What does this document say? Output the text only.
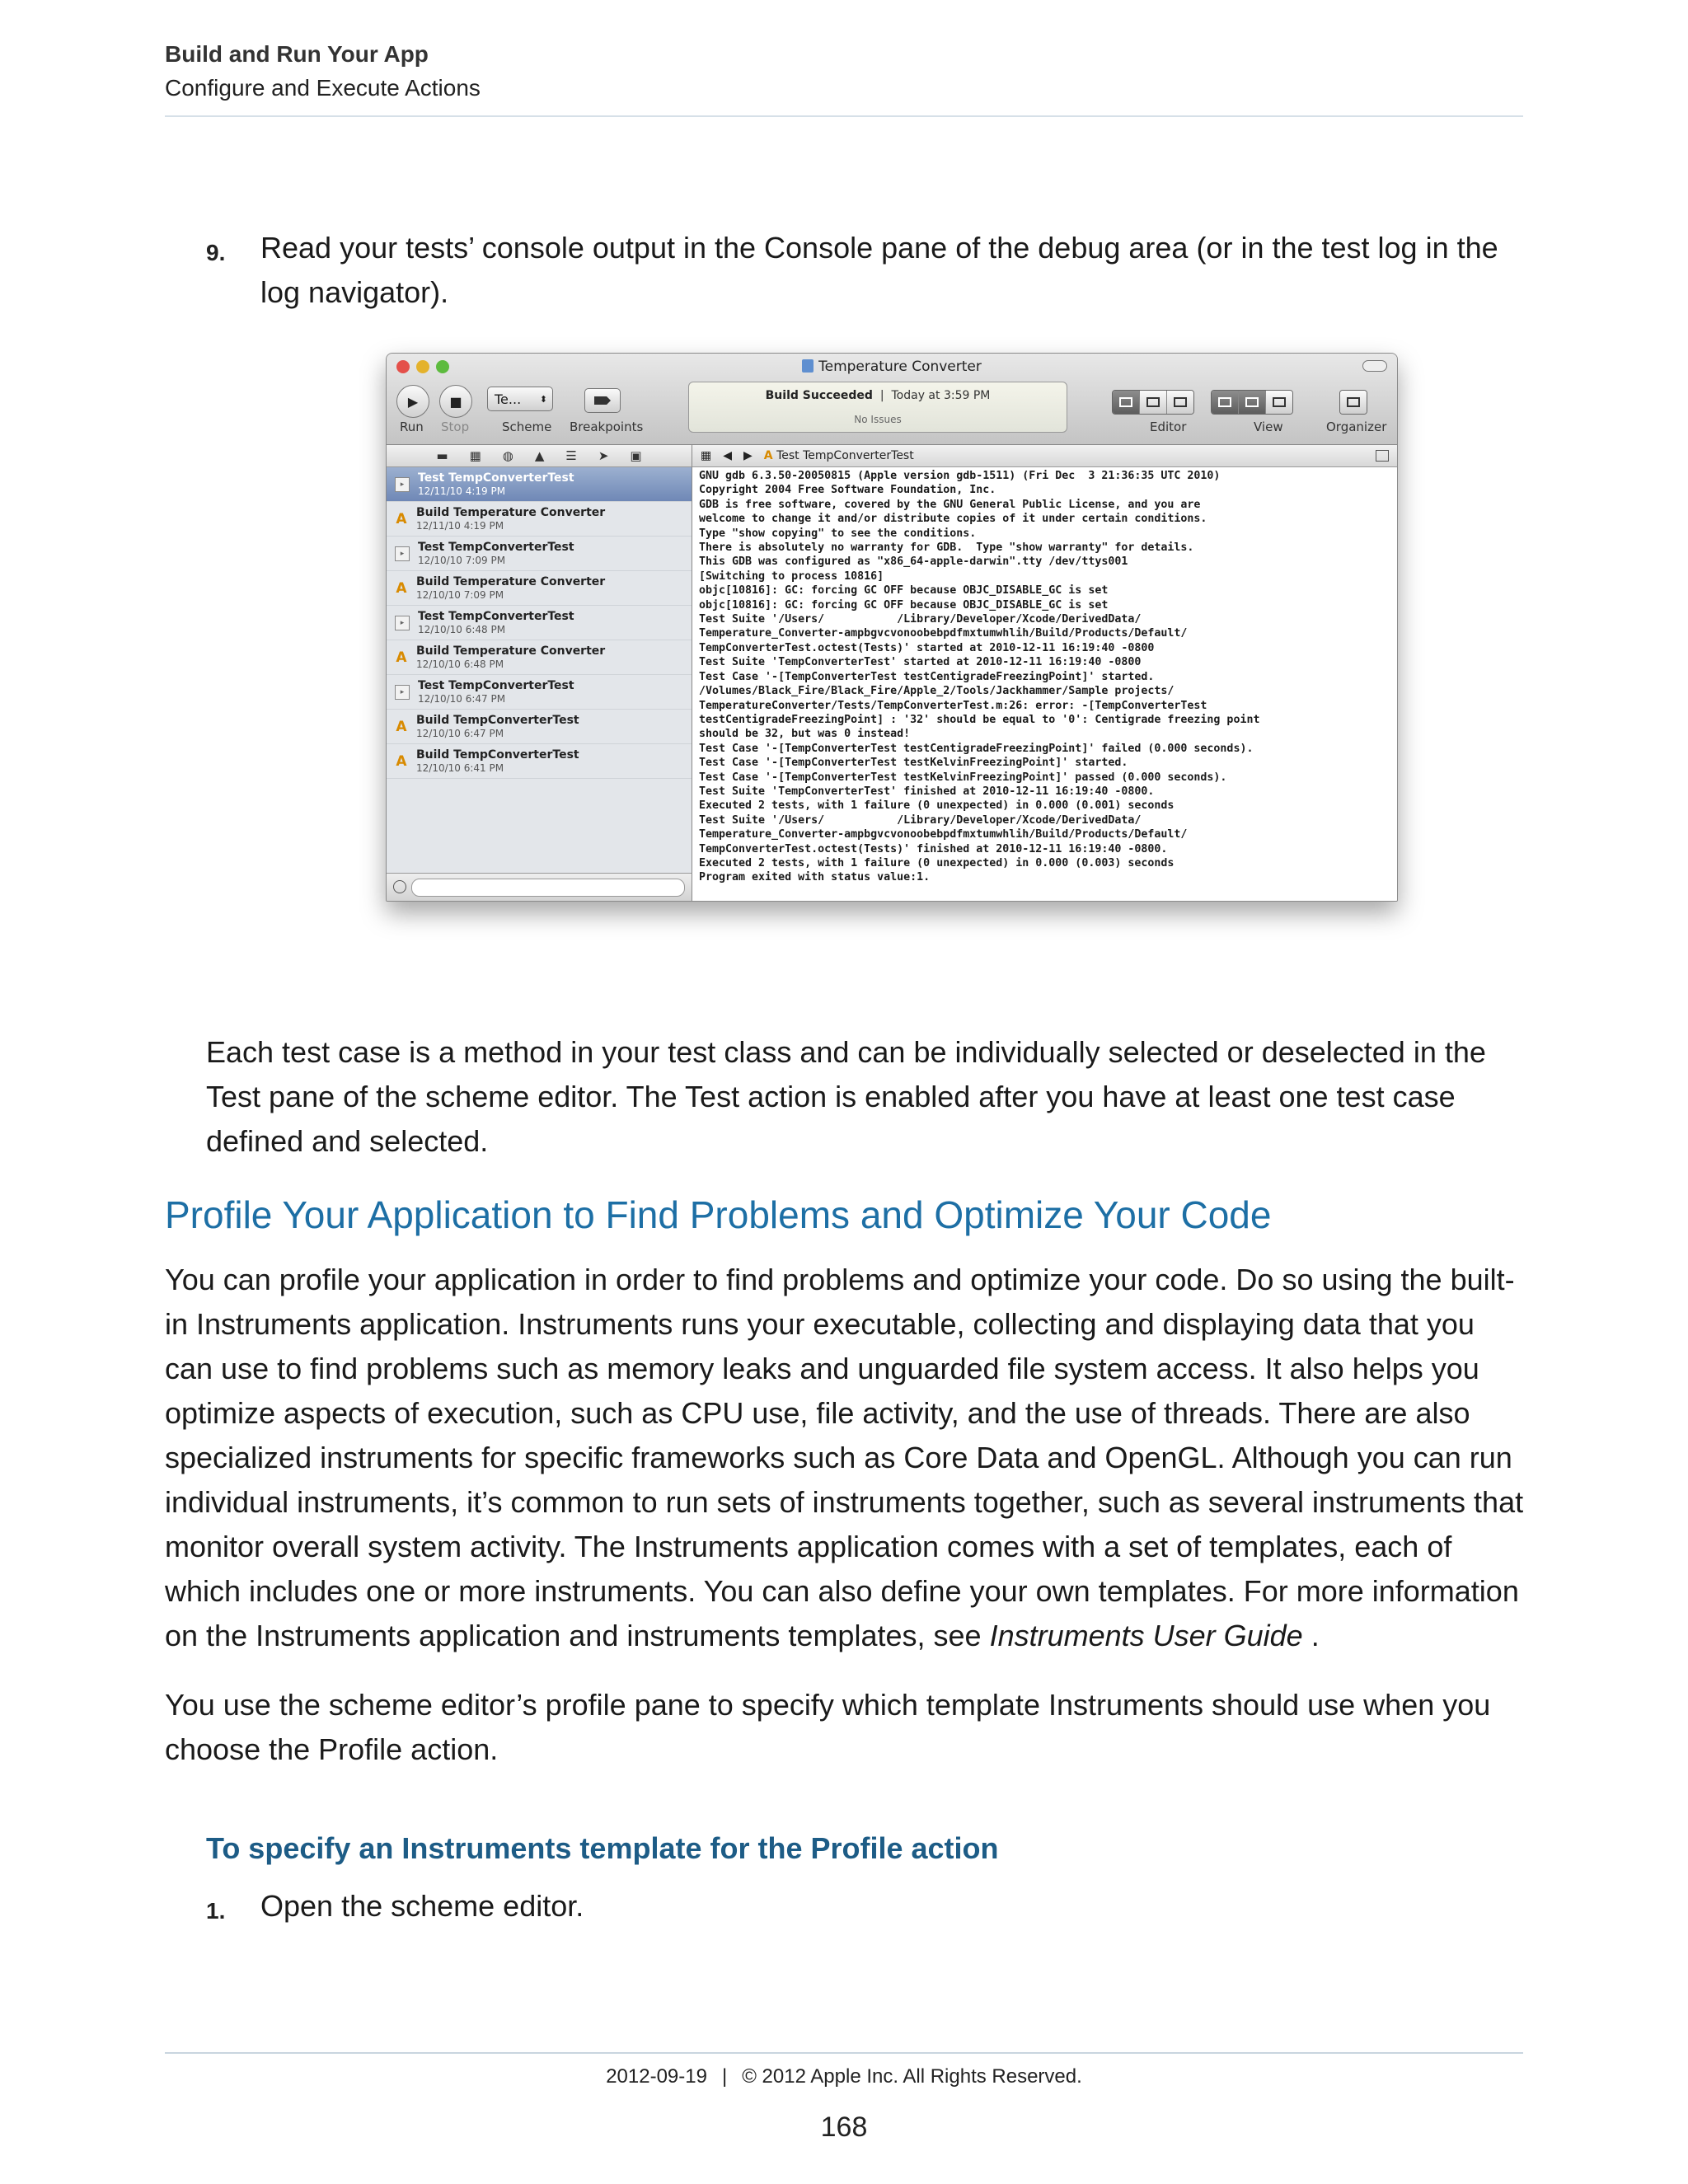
Build and Run Your App
Configure and Execute Actions
9.	Read your tests’ console output in the Console pane of the debug area (or in the test log in the log navigator).
Temperature Converter
▶ ■
Run Stop
Te... ⬍
Scheme Breakpoints
Build Succeeded  |  Today at 3:59 PM
No Issues	Editor	View	Organizer
▬ ▦ ◍ ▲ ☰ ➤ ▣
▸	Test TempConverterTest
12/11/10 4:19 PM
A Build Temperature Converter
12/11/10 4:19 PM
▸	Test TempConverterTest
12/10/10 7:09 PM
A Build Temperature Converter
12/10/10 7:09 PM
▸	Test TempConverterTest
12/10/10 6:48 PM
A Build Temperature Converter
12/10/10 6:48 PM
▸	Test TempConverterTest
12/10/10 6:47 PM
A Build TempConverterTest
12/10/10 6:47 PM
A Build TempConverterTest
12/10/10 6:41 PM
▦ ◀ ▶ A Test TempConverterTest
GNU gdb 6.3.50-20050815 (Apple version gdb-1511) (Fri Dec  3 21:36:35 UTC 2010)
Copyright 2004 Free Software Foundation, Inc.
GDB is free software, covered by the GNU General Public License, and you are
welcome to change it and/or distribute copies of it under certain conditions.
Type "show copying" to see the conditions.
There is absolutely no warranty for GDB.  Type "show warranty" for details.
This GDB was configured as "x86_64-apple-darwin".tty /dev/ttys001
[Switching to process 10816]
objc[10816]: GC: forcing GC OFF because OBJC_DISABLE_GC is set
objc[10816]: GC: forcing GC OFF because OBJC_DISABLE_GC is set
Test Suite '/Users/           /Library/Developer/Xcode/DerivedData/
Temperature_Converter-ampbgvcvonoobebpdfmxtumwhlih/Build/Products/Default/
TempConverterTest.octest(Tests)' started at 2010-12-11 16:19:40 -0800
Test Suite 'TempConverterTest' started at 2010-12-11 16:19:40 -0800
Test Case '-[TempConverterTest testCentigradeFreezingPoint]' started.
/Volumes/Black_Fire/Black_Fire/Apple_2/Tools/Jackhammer/Sample projects/
TemperatureConverter/Tests/TempConverterTest.m:26: error: -[TempConverterTest
testCentigradeFreezingPoint] : '32' should be equal to '0': Centigrade freezing point
should be 32, but was 0 instead!
Test Case '-[TempConverterTest testCentigradeFreezingPoint]' failed (0.000 seconds).
Test Case '-[TempConverterTest testKelvinFreezingPoint]' started.
Test Case '-[TempConverterTest testKelvinFreezingPoint]' passed (0.000 seconds).
Test Suite 'TempConverterTest' finished at 2010-12-11 16:19:40 -0800.
Executed 2 tests, with 1 failure (0 unexpected) in 0.000 (0.001) seconds
Test Suite '/Users/           /Library/Developer/Xcode/DerivedData/
Temperature_Converter-ampbgvcvonoobebpdfmxtumwhlih/Build/Products/Default/
TempConverterTest.octest(Tests)' finished at 2010-12-11 16:19:40 -0800.
Executed 2 tests, with 1 failure (0 unexpected) in 0.000 (0.003) seconds
Program exited with status value:1.
Each test case is a method in your test class and can be individually selected or deselected in the Test pane of the scheme editor. The Test action is enabled after you have at least one test case defined and selected.
Profile Your Application to Find Problems and Optimize Your Code
You can profile your application in order to find problems and optimize your code. Do so using the built-in Instruments application. Instruments runs your executable, collecting and displaying data that you can use to find problems such as memory leaks and unguarded file system access. It also helps you optimize aspects of execution, such as CPU use, file activity, and the use of threads. There are also specialized instruments for specific frameworks such as Core Data and OpenGL. Although you can run individual instruments, it’s common to run sets of instruments together, such as several instruments that monitor overall system activity. The Instruments application comes with a set of templates, each of which includes one or more instruments. You can also define your own templates. For more information on the Instruments application and instruments templates, see Instruments User Guide .
You use the scheme editor’s profile pane to specify which template Instruments should use when you choose the Profile action.
To specify an Instruments template for the Profile action
1.	Open the scheme editor.
2012-09-19 | © 2012 Apple Inc. All Rights Reserved.
168
